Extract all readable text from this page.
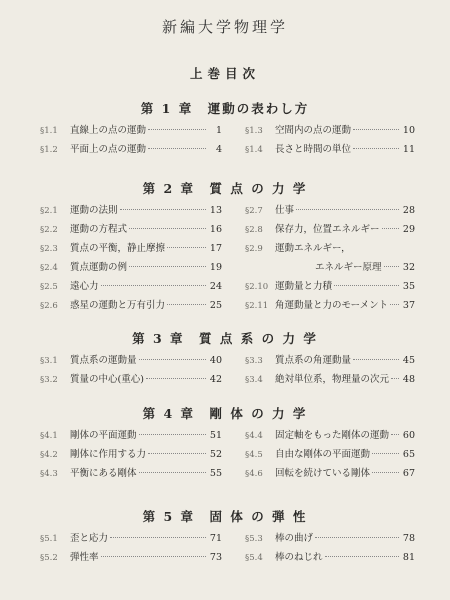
新編大学物理学
上巻目次
第 1 章　運動の表わし方
§1.1	直線上の点の運動	1
§1.2	平面上の点の運動	4
§1.3	空間内の点の運動	10
§1.4	長さと時間の単位	11
第 2 章　質 点 の 力 学
§2.1	運動の法則	13
§2.2	運動の方程式	16
§2.3	質点の平衡，静止摩擦	17
§2.4	質点運動の例	19
§2.5	遠心力	24
§2.6	惑星の運動と万有引力	25
§2.7	仕事	28
§2.8	保存力，位置エネルギー 29
§2.9	運動エネルギー，
エネルギー原理 32
§2.10 運動量と力積	35
§2.11 角運動量と力のモーメント 37
第 3 章　質 点 系 の 力 学
§3.1	質点系の運動量	40
§3.2	質量の中心(重心)	42
§3.3	質点系の角運動量	45
§3.4	絶対単位系，物理量の次元 48
第 4 章　剛 体 の 力 学
§4.1	剛体の平面運動	51
§4.2	剛体に作用する力	52
§4.3	平衡にある剛体	55
§4.4	固定軸をもった剛体の運動 60
§4.5	自由な剛体の平面運動	65
§4.6	回転を続けている剛体	67
第 5 章　固 体 の 弾 性
§5.1	歪と応力	71
§5.2	弾性率	73
§5.3	棒の曲げ	78
§5.4	棒のねじれ	81
